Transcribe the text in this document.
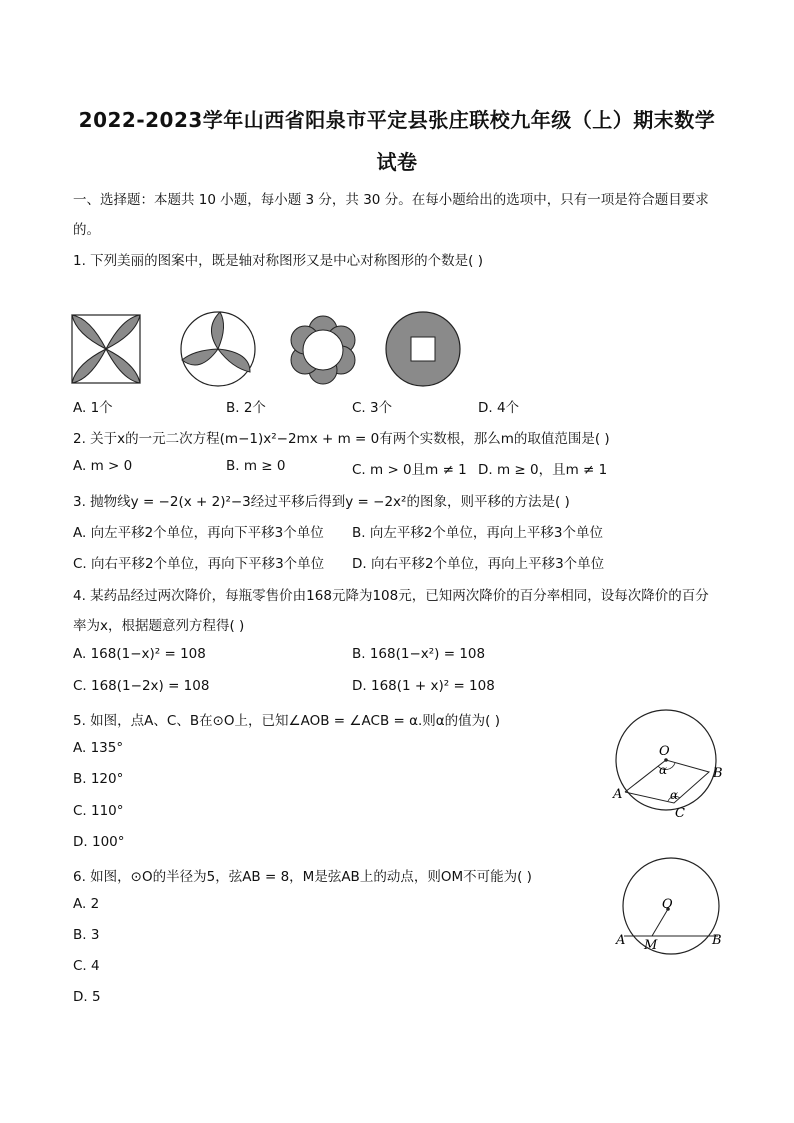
2022-2023学年山西省阳泉市平定县张庄联校九年级（上）期末数学
试卷
一、选择题：本题共 10 小题，每小题 3 分，共 30 分。在每小题给出的选项中，只有一项是符合题目要求
的。
1. 下列美丽的图案中，既是轴对称图形又是中心对称图形的个数是( )
A. 1个	B. 2个	C. 3个	D. 4个
2. 关于x的一元二次方程(m−1)x²−2mx + m = 0有两个实数根，那么m的取值范围是( )
A. m > 0	B. m ≥ 0	C. m > 0且m ≠ 1 D. m ≥ 0，且m ≠ 1
3. 抛物线y = −2(x + 2)²−3经过平移后得到y = −2x²的图象，则平移的方法是( )
A. 向左平移2个单位，再向下平移3个单位 B. 向左平移2个单位，再向上平移3个单位
C. 向右平移2个单位，再向下平移3个单位 D. 向右平移2个单位，再向上平移3个单位
4. 某药品经过两次降价，每瓶零售价由168元降为108元，已知两次降价的百分率相同，设每次降价的百分
率为x，根据题意列方程得( )
A. 168(1−x)² = 108	B. 168(1−x²) = 108
C. 168(1−2x) = 108	D. 168(1 + x)² = 108
5. 如图，点A、C、B在⊙O上，已知∠AOB = ∠ACB = α.则α的值为( )
A. 135°
B. 120°
C. 110°
D. 100°
O
α	B
A	α
C
6. 如图，⊙O的半径为5，弦AB = 8，M是弦AB上的动点，则OM不可能为( )
A. 2
B. 3
C. 4
D. 5
O
A M	B
